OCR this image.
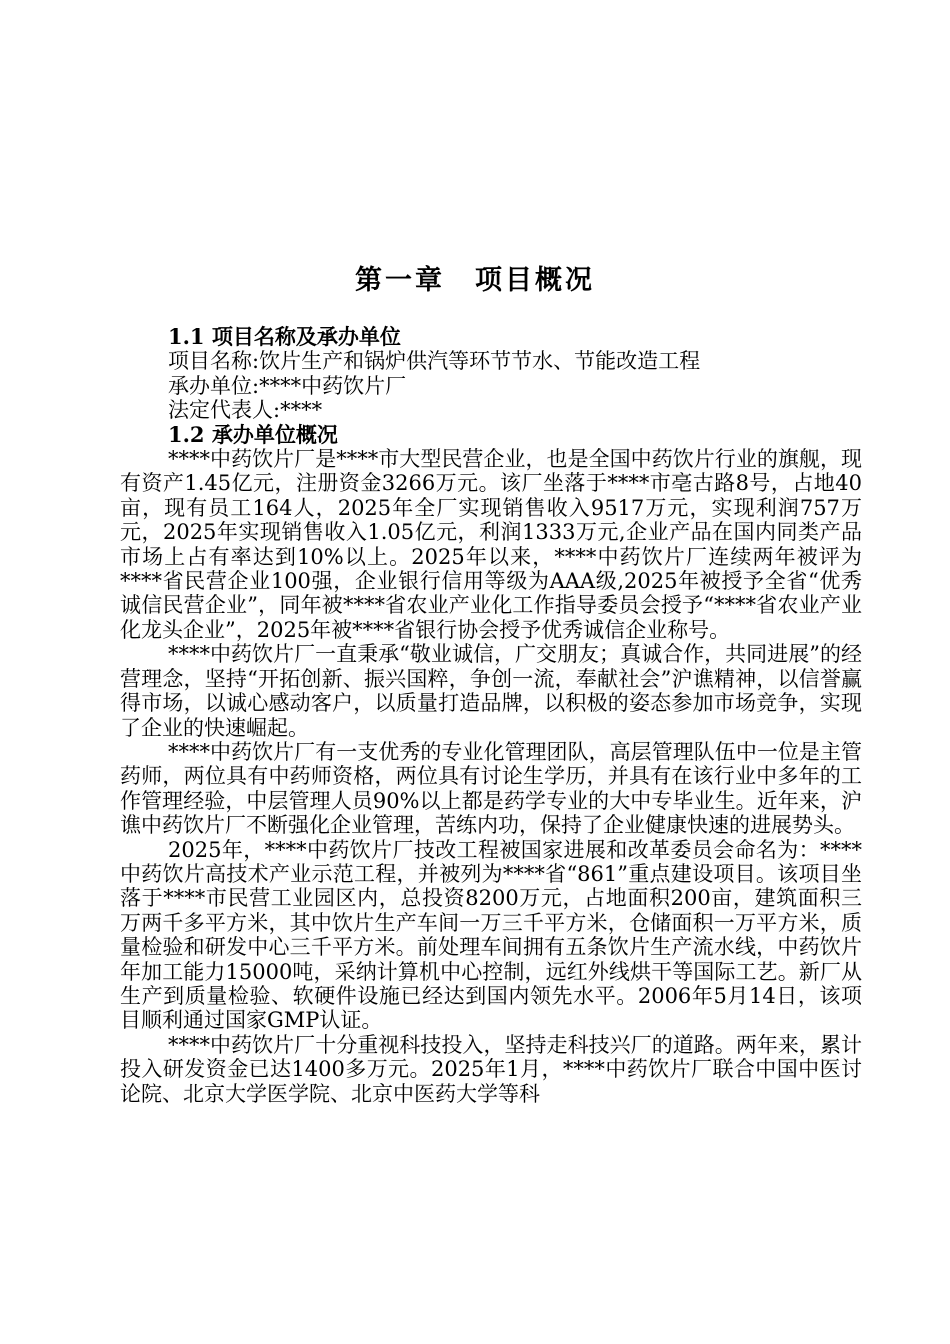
第一章　项目概况

1.1 项目名称及承办单位

项目名称:饮片生产和锅炉供汽等环节节水、节能改造工程

承办单位:****中药饮片厂

法定代表人:****

1.2 承办单位概况

****中药饮片厂是****市大型民营企业，也是全国中药饮片行业的旗舰，现有资产1.45亿元，注册资金3266万元。该厂坐落于****市亳古路8号，占地40亩，现有员工164人，2025年全厂实现销售收入9517万元，实现利润757万元，2025年实现销售收入1.05亿元，利润1333万元,企业产品在国内同类产品市场上占有率达到10%以上。2025年以来，****中药饮片厂连续两年被评为****省民营企业100强，企业银行信用等级为AAA级,2025年被授予全省“优秀诚信民营企业”，同年被****省农业产业化工作指导委员会授予“****省农业产业化龙头企业”，2025年被****省银行协会授予优秀诚信企业称号。

****中药饮片厂一直秉承“敬业诚信，广交朋友；真诚合作，共同进展”的经营理念，坚持“开拓创新、振兴国粹，争创一流，奉献社会”沪谯精神，以信誉赢得市场，以诚心感动客户，以质量打造品牌，以积极的姿态参加市场竞争，实现了企业的快速崛起。

****中药饮片厂有一支优秀的专业化管理团队，高层管理队伍中一位是主管药师，两位具有中药师资格，两位具有讨论生学历，并具有在该行业中多年的工作管理经验，中层管理人员90%以上都是药学专业的大中专毕业生。近年来，沪谯中药饮片厂不断强化企业管理，苦练内功，保持了企业健康快速的进展势头。

2025年，****中药饮片厂技改工程被国家进展和改革委员会命名为：****中药饮片高技术产业示范工程，并被列为****省“861”重点建设项目。该项目坐落于****市民营工业园区内，总投资8200万元，占地面积200亩，建筑面积三万两千多平方米，其中饮片生产车间一万三千平方米，仓储面积一万平方米，质量检验和研发中心三千平方米。前处理车间拥有五条饮片生产流水线，中药饮片年加工能力15000吨，采纳计算机中心控制，远红外线烘干等国际工艺。新厂从生产到质量检验、软硬件设施已经达到国内领先水平。2006年5月14日，该项目顺利通过国家GMP认证。

****中药饮片厂十分重视科技投入，坚持走科技兴厂的道路。两年来，累计投入研发资金已达1400多万元。2025年1月，****中药饮片厂联合中国中医讨论院、北京大学医学院、北京中医药大学等科
